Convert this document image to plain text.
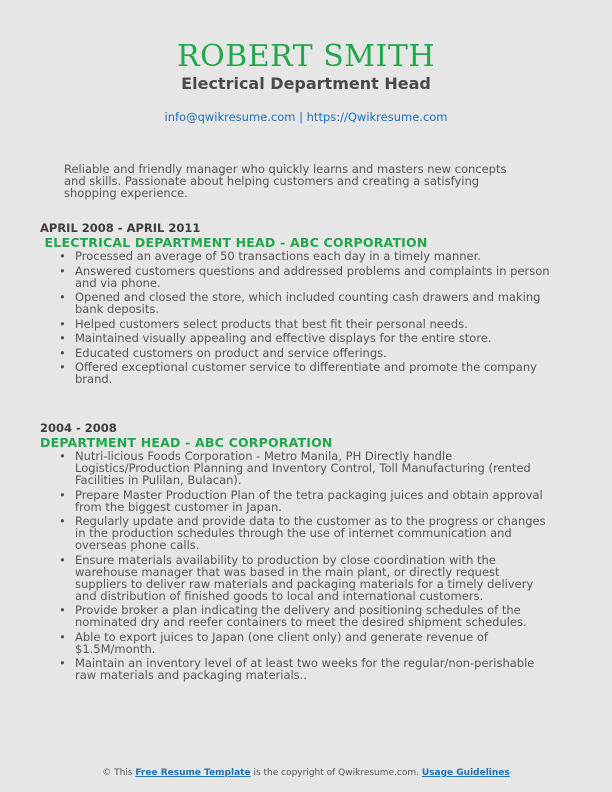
ROBERT SMITH
Electrical Department Head
info@qwikresume.com | https://Qwikresume.com
Reliable and friendly manager who quickly learns and masters new concepts and skills. Passionate about helping customers and creating a satisfying shopping experience.
APRIL 2008 - APRIL 2011
ELECTRICAL DEPARTMENT HEAD - ABC CORPORATION
• Processed an average of 50 transactions each day in a timely manner.
• Answered customers questions and addressed problems and complaints in person and via phone.
• Opened and closed the store, which included counting cash drawers and making bank deposits.
• Helped customers select products that best fit their personal needs.
• Maintained visually appealing and effective displays for the entire store.
• Educated customers on product and service offerings.
• Offered exceptional customer service to differentiate and promote the company brand.
2004 - 2008
DEPARTMENT HEAD - ABC CORPORATION
• Nutri-licious Foods Corporation - Metro Manila, PH Directly handle Logistics/Production Planning and Inventory Control, Toll Manufacturing (rented Facilities in Pulilan, Bulacan).
• Prepare Master Production Plan of the tetra packaging juices and obtain approval from the biggest customer in Japan.
• Regularly update and provide data to the customer as to the progress or changes in the production schedules through the use of internet communication and overseas phone calls.
• Ensure materials availability to production by close coordination with the warehouse manager that was based in the main plant, or directly request suppliers to deliver raw materials and packaging materials for a timely delivery and distribution of finished goods to local and international customers.
• Provide broker a plan indicating the delivery and positioning schedules of the nominated dry and reefer containers to meet the desired shipment schedules.
• Able to export juices to Japan (one client only) and generate revenue of $1.5M/month.
• Maintain an inventory level of at least two weeks for the regular/non-perishable raw materials and packaging materials..
© This Free Resume Template is the copyright of Qwikresume.com. Usage Guidelines
